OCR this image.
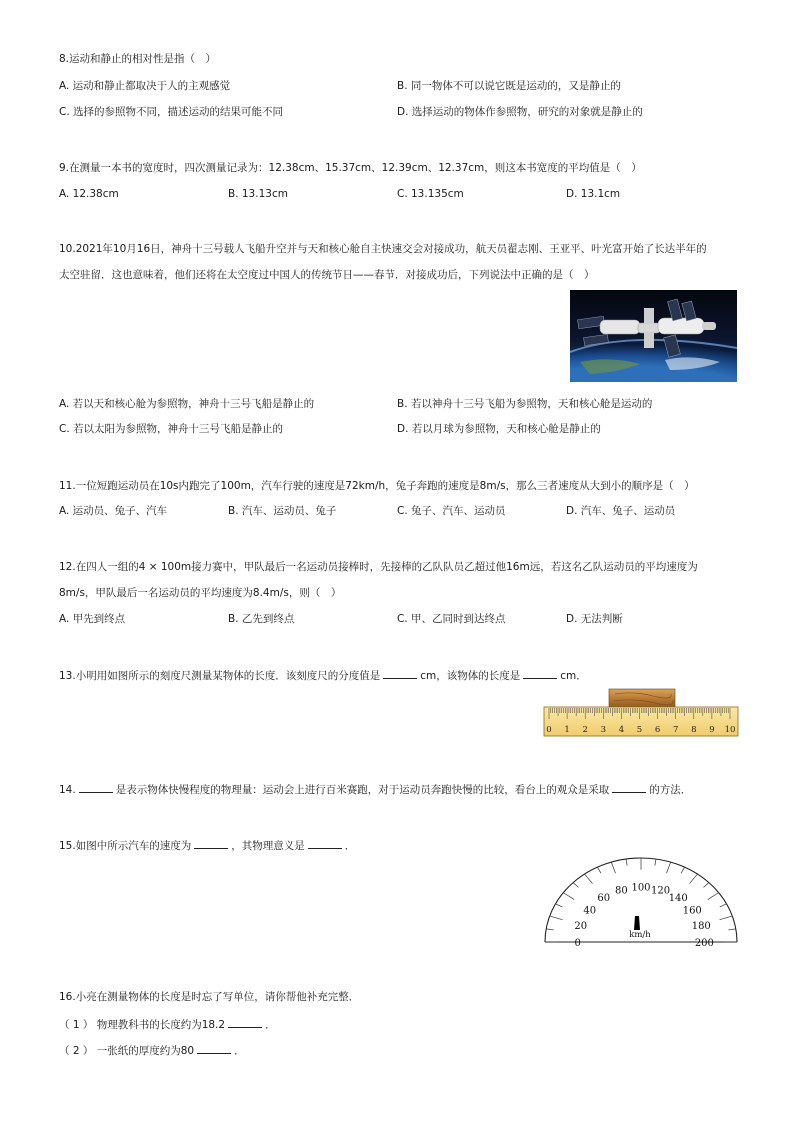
8.运动和静止的相对性是指（　）
A. 运动和静止都取决于人的主观感觉	B. 同一物体不可以说它既是运动的，又是静止的
C. 选择的参照物不同，描述运动的结果可能不同	D. 选择运动的物体作参照物，研究的对象就是静止的
9.在测量一本书的宽度时，四次测量记录为：12.38cm、15.37cm、12.39cm、12.37cm，则这本书宽度的平均值是（　）
A. 12.38cm	B. 13.13cm	C. 13.135cm	D. 13.1cm
10.2021年10月16日，神舟十三号载人飞船升空并与天和核心舱自主快速交会对接成功，航天员翟志刚、王亚平、叶光富开始了长达半年的
太空驻留．这也意味着，他们还将在太空度过中国人的传统节日——春节．对接成功后，下列说法中正确的是（　）
A. 若以天和核心舱为参照物，神舟十三号飞船是静止的	B. 若以神舟十三号飞船为参照物，天和核心舱是运动的
C. 若以太阳为参照物，神舟十三号飞船是静止的	D. 若以月球为参照物，天和核心舱是静止的
11.一位短跑运动员在10s内跑完了100m，汽车行驶的速度是72km/h，兔子奔跑的速度是8m/s，那么三者速度从大到小的顺序是（　）
A. 运动员、兔子、汽车	B. 汽车、运动员、兔子	C. 兔子、汽车、运动员	D. 汽车、兔子、运动员
12.在四人一组的4 × 100m接力赛中，甲队最后一名运动员接棒时，先接棒的乙队队员乙超过他16m远，若这名乙队运动员的平均速度为
8m/s，甲队最后一名运动员的平均速度为8.4m/s，则（　）
A. 甲先到终点	B. 乙先到终点	C. 甲、乙同时到达终点	D. 无法判断
13.小明用如图所示的刻度尺测量某物体的长度．该刻度尺的分度值是	cm，该物体的长度是	cm．
0 1 2 3 4 5 6 7 8 9 10
14.	是表示物体快慢程度的物理量：运动会上进行百米赛跑，对于运动员奔跑快慢的比较，看台上的观众是采取	的方法．
15.如图中所示汽车的速度为	，其物理意义是	．
0
20
40
60
80 100 120
140
160
180
200
km/h
16.小亮在测量物体的长度是时忘了写单位，请你帮他补充完整．
（ 1 ） 物理教科书的长度约为18.2	．
（ 2 ） 一张纸的厚度约为80	．
